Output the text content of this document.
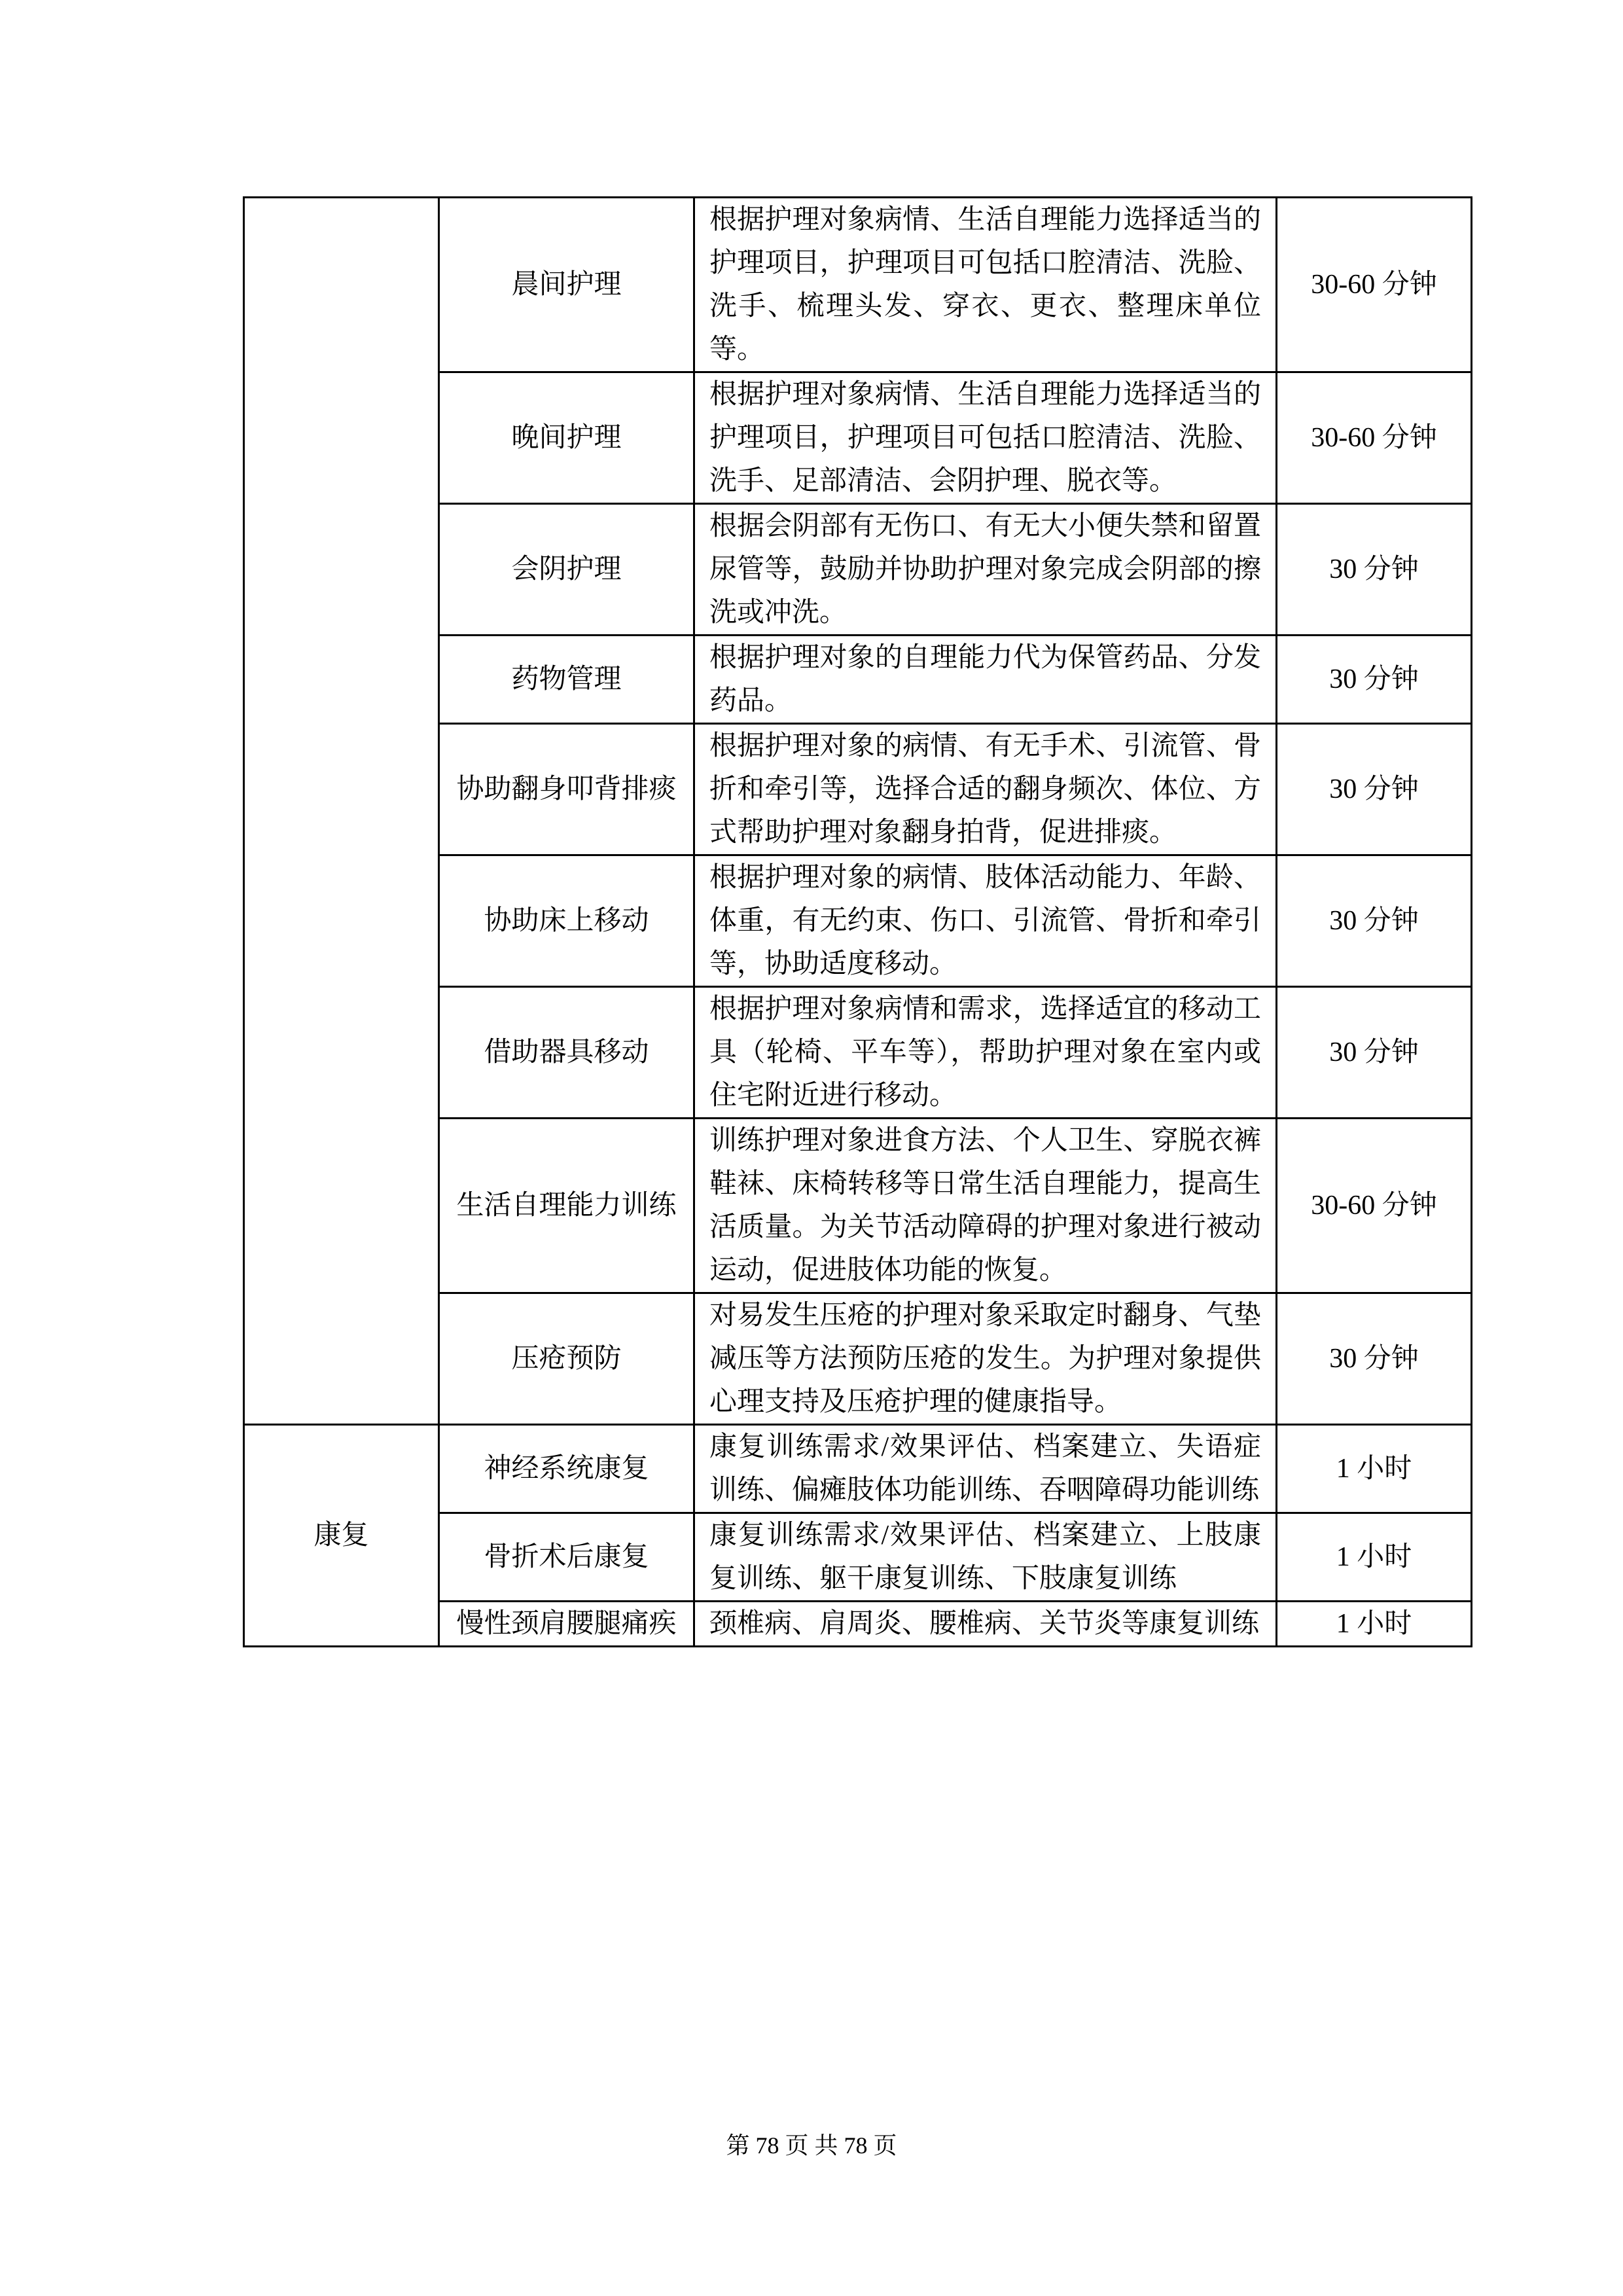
	晨间护理	根据护理对象病情、生活自理能力选择适当的护理项目，护理项目可包括口腔清洁、洗脸、洗手、梳理头发、穿衣、更衣、整理床单位等。	30-60 分钟
	晚间护理	根据护理对象病情、生活自理能力选择适当的护理项目，护理项目可包括口腔清洁、洗脸、洗手、足部清洁、会阴护理、脱衣等。	30-60 分钟
	会阴护理	根据会阴部有无伤口、有无大小便失禁和留置尿管等，鼓励并协助护理对象完成会阴部的擦洗或冲洗。	30 分钟
	药物管理	根据护理对象的自理能力代为保管药品、分发药品。	30 分钟
	协助翻身叩背排痰	根据护理对象的病情、有无手术、引流管、骨折和牵引等，选择合适的翻身频次、体位、方式帮助护理对象翻身拍背，促进排痰。	30 分钟
	协助床上移动	根据护理对象的病情、肢体活动能力、年龄、体重，有无约束、伤口、引流管、骨折和牵引等，协助适度移动。	30 分钟
	借助器具移动	根据护理对象病情和需求，选择适宜的移动工具（轮椅、平车等），帮助护理对象在室内或住宅附近进行移动。	30 分钟
	生活自理能力训练	训练护理对象进食方法、个人卫生、穿脱衣裤鞋袜、床椅转移等日常生活自理能力，提高生活质量。为关节活动障碍的护理对象进行被动运动，促进肢体功能的恢复。	30-60 分钟
	压疮预防	对易发生压疮的护理对象采取定时翻身、气垫减压等方法预防压疮的发生。为护理对象提供心理支持及压疮护理的健康指导。	30 分钟
康复	神经系统康复	康复训练需求/效果评估、档案建立、失语症训练、偏瘫肢体功能训练、吞咽障碍功能训练	1 小时
	骨折术后康复	康复训练需求/效果评估、档案建立、上肢康复训练、躯干康复训练、下肢康复训练	1 小时
	慢性颈肩腰腿痛疾	颈椎病、肩周炎、腰椎病、关节炎等康复训练	1 小时
第 78 页 共 78 页
